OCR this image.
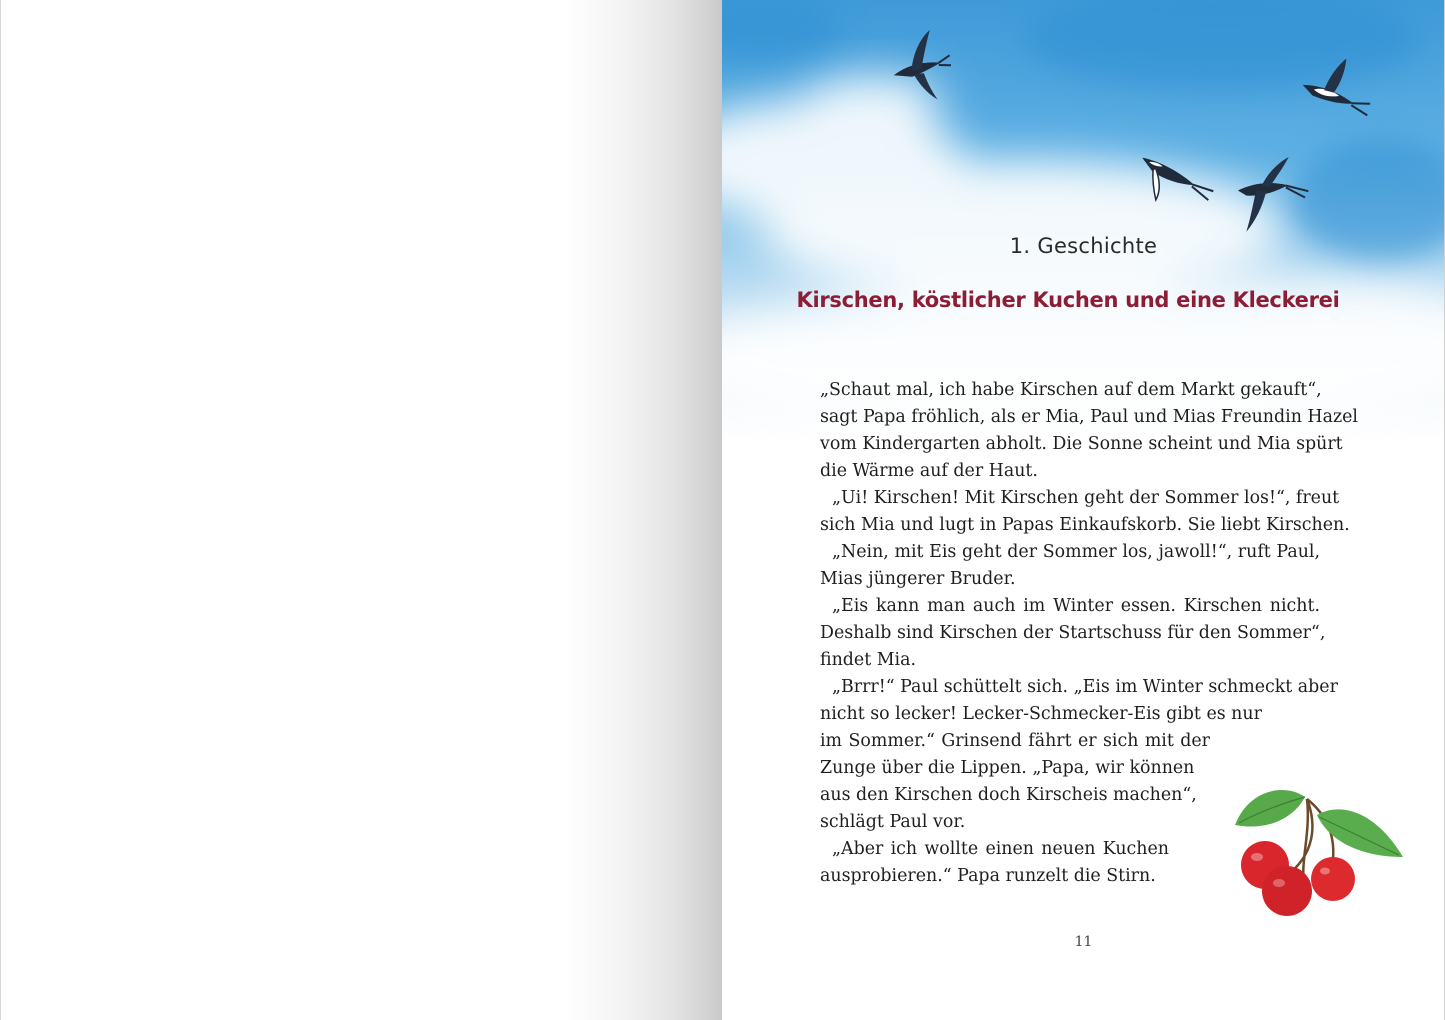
1. Geschichte
Kirschen, köstlicher Kuchen und eine Kleckerei
„Schaut mal, ich habe Kirschen auf dem Markt gekauft“,
sagt Papa fröhlich, als er Mia, Paul und Mias Freundin Hazel
vom Kindergarten abholt. Die Sonne scheint und Mia spürt
die Wärme auf der Haut.
„Ui! Kirschen! Mit Kirschen geht der Sommer los!“, freut
sich Mia und lugt in Papas Einkaufskorb. Sie liebt Kirschen.
„Nein, mit Eis geht der Sommer los, jawoll!“, ruft Paul,
Mias jüngerer Bruder.
„Eis kann man auch im Winter essen. Kirschen nicht.
Deshalb sind Kirschen der Startschuss für den Sommer“,
findet Mia.
„Brrr!“ Paul schüttelt sich. „Eis im Winter schmeckt aber
nicht so lecker! Lecker-Schmecker-Eis gibt es nur
im Sommer.“ Grinsend fährt er sich mit der
Zunge über die Lippen. „Papa, wir können
aus den Kirschen doch Kirscheis machen“,
schlägt Paul vor.
„Aber ich wollte einen neuen Kuchen
ausprobieren.“ Papa runzelt die Stirn.
11
